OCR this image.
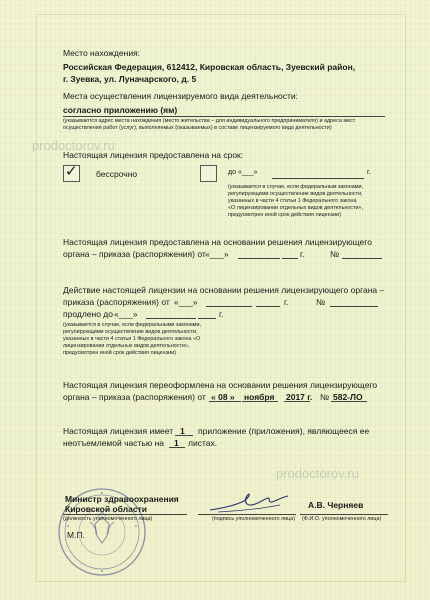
Место нахождения:
Российская Федерация, 612412, Кировская область, Зуевский район,
г. Зуевка, ул. Луначарского, д. 5
Места осуществления лицензируемого вида деятельности:
согласно приложению (ям)
(указываются адрес места нахождения (место жительства – для индивидуального предпринимателя) и адреса мест
осуществления работ (услуг), выполняемых (оказываемых) в составе лицензируемого вида деятельности)
prodoctorov.ru
Настоящая лицензия предоставлена на срок:
✓ бессрочно	до «___»	г.
(указывается в случае, если федеральным законами,
регулирующими осуществление видов деятельности,
указанных в части 4 статьи 1 Федерального закона
«О лицензировании отдельных видов деятельности»,
предусмотрен иной срок действия лицензии)
Настоящая лицензия предоставлена на основании решения лицензирующего
органа – приказа (распоряжения) от «___»	г.	№
Действие настоящей лицензии на основании решения лицензирующего органа –
приказа (распоряжения) от «___»	г.	№
продлено до «___»	г.
(указывается в случае, если федеральными законами,
регулирующими осуществление видов деятельности,
указанных в части 4 статьи 1 Федерального закона «О
лицензировании отдельных видов деятельности»,
предусмотрен иной срок действия лицензии)
Настоящая лицензия переоформлена на основании решения лицензирующего
органа – приказа (распоряжения) от « 08 » ноября 2017 г. № 582-ЛО
Настоящая лицензия имеет 1 приложение (приложения), являющееся ее
неотъемлемой частью на 1 листах.
prodoctorov.ru
Министр здравоохранения
Кировской области
(должность уполномоченного лица)	(подпись уполномоченного лица)
А.В. Черняев
(Ф.И.О. уполномоченного лица)
М.П.
